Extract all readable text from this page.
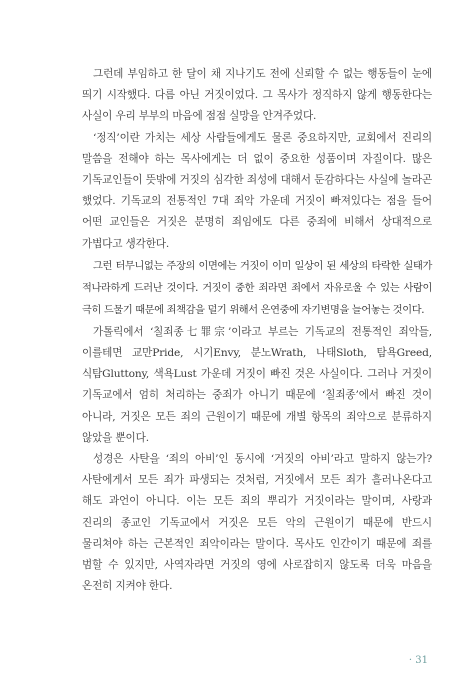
그런데 부임하고 한 달이 채 지나기도 전에 신뢰할 수 없는 행동들이 눈에 띄기 시작했다. 다름 아닌 거짓이었다. 그 목사가 정직하지 않게 행동한다는 사실이 우리 부부의 마음에 점점 실망을 안겨주었다.

‘정직’이란 가치는 세상 사람들에게도 물론 중요하지만, 교회에서 진리의 말씀을 전해야 하는 목사에게는 더 없이 중요한 성품이며 자질이다. 많은 기독교인들이 뜻밖에 거짓의 심각한 죄성에 대해서 둔감하다는 사실에 놀라곤 했었다. 기독교의 전통적인 7대 죄악 가운데 거짓이 빠져있다는 점을 들어 어떤 교인들은 거짓은 분명히 죄임에도 다른 중죄에 비해서 상대적으로 가볍다고 생각한다.

그런 터무니없는 주장의 이면에는 거짓이 이미 일상이 된 세상의 타락한 실태가 적나라하게 드러난 것이다. 거짓이 중한 죄라면 죄에서 자유로울 수 있는 사람이 극히 드물기 때문에 죄책감을 덜기 위해서 은연중에 자기변명을 늘어놓는 것이다.

가톨릭에서 ‘칠죄종七罪宗’이라고 부르는 기독교의 전통적인 죄악들, 이를테면 교만Pride, 시기Envy, 분노Wrath, 나태Sloth, 탐욕Greed, 식탐Gluttony, 색욕Lust 가운데 거짓이 빠진 것은 사실이다. 그러나 거짓이 기독교에서 엄히 처리하는 중죄가 아니기 때문에 ‘칠죄종’에서 빠진 것이 아니라, 거짓은 모든 죄의 근원이기 때문에 개별 항목의 죄악으로 분류하지 않았을 뿐이다.

성경은 사탄을 ‘죄의 아비’인 동시에 ‘거짓의 아비’라고 말하지 않는가? 사탄에게서 모든 죄가 파생되는 것처럼, 거짓에서 모든 죄가 흘러나온다고 해도 과언이 아니다. 이는 모든 죄의 뿌리가 거짓이라는 말이며, 사랑과 진리의 종교인 기독교에서 거짓은 모든 악의 근원이기 때문에 반드시 물리쳐야 하는 근본적인 죄악이라는 말이다. 목사도 인간이기 때문에 죄를 범할 수 있지만, 사역자라면 거짓의 영에 사로잡히지 않도록 더욱 마음을 온전히 지켜야 한다.

· 31
